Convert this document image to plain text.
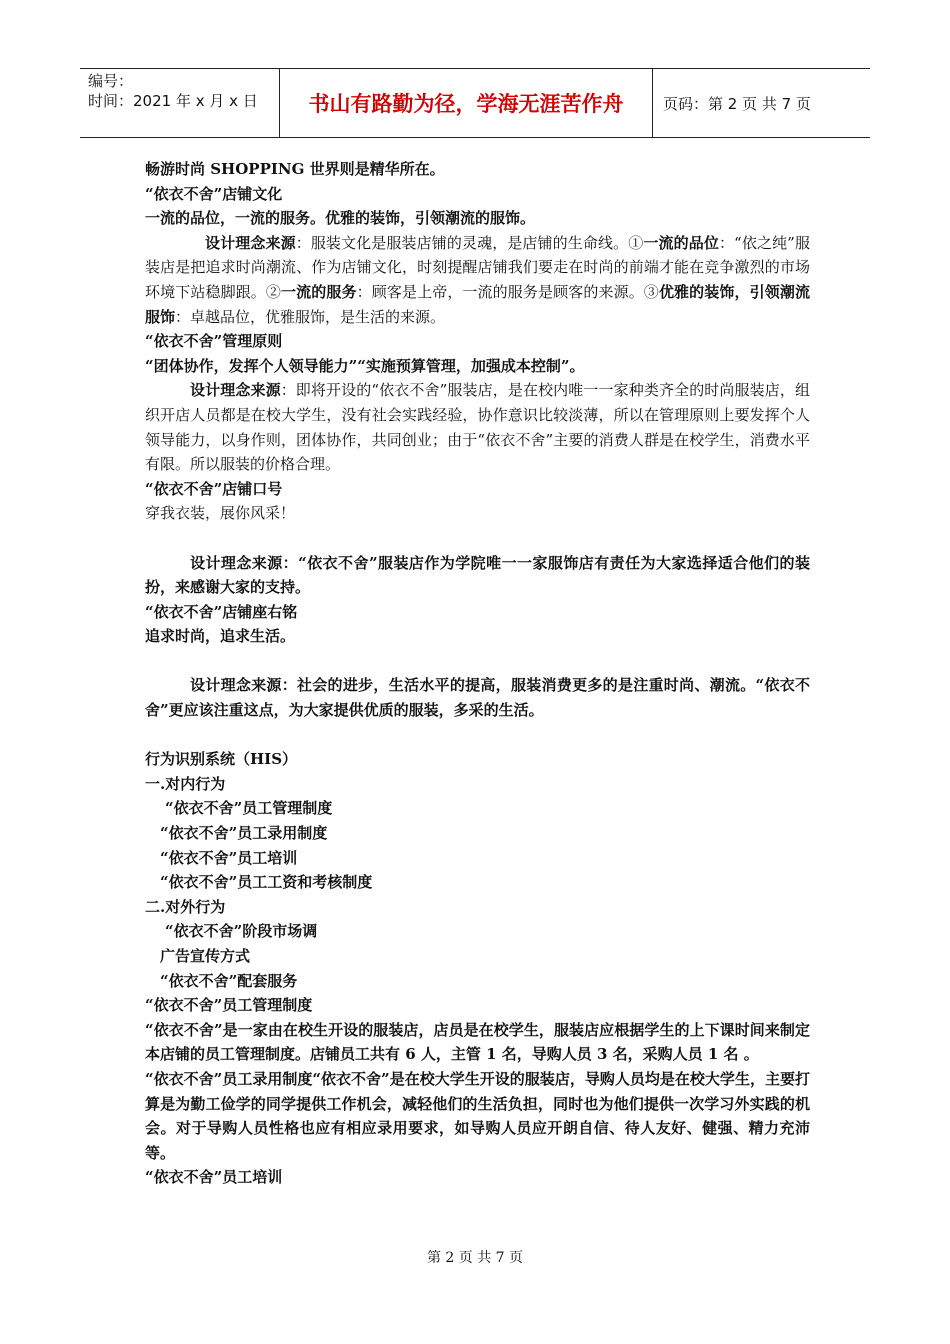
编号：
时间：2021 年 x 月 x 日	书山有路勤为径，学海无涯苦作舟	页码：第 2 页 共 7 页
畅游时尚 SHOPPING 世界则是精华所在。
“依衣不舍”店铺文化
一流的品位，一流的服务。优雅的装饰，引领潮流的服饰。
设计理念来源：服装文化是服装店铺的灵魂，是店铺的生命线。①一流的品位：“依之纯”服装店是把追求时尚潮流、作为店铺文化，时刻提醒店铺我们要走在时尚的前端才能在竞争激烈的市场环境下站稳脚跟。②一流的服务：顾客是上帝，一流的服务是顾客的来源。③优雅的装饰，引领潮流服饰：卓越品位，优雅服饰，是生活的来源。
“依衣不舍”管理原则
“团体协作，发挥个人领导能力”“实施预算管理，加强成本控制”。
设计理念来源：即将开设的“依衣不舍”服装店，是在校内唯一一家种类齐全的时尚服装店，组织开店人员都是在校大学生，没有社会实践经验，协作意识比较淡薄，所以在管理原则上要发挥个人领导能力，以身作则，团体协作，共同创业；由于“依衣不舍”主要的消费人群是在校学生，消费水平有限。所以服装的价格合理。
“依衣不舍”店铺口号
穿我衣装，展你风采！
设计理念来源：“依衣不舍”服装店作为学院唯一一家服饰店有责任为大家选择适合他们的装扮，来感谢大家的支持。
“依衣不舍”店铺座右铭
追求时尚，追求生活。
设计理念来源：社会的进步，生活水平的提高，服装消费更多的是注重时尚、潮流。“依衣不舍”更应该注重这点，为大家提供优质的服装，多采的生活。
行为识别系统（HIS）
一.对内行为
“依衣不舍”员工管理制度
“依衣不舍”员工录用制度
“依衣不舍”员工培训
“依衣不舍”员工工资和考核制度
二.对外行为
“依衣不舍”阶段市场调
广告宣传方式
“依衣不舍”配套服务
“依衣不舍”员工管理制度
“依衣不舍”是一家由在校生开设的服装店，店员是在校学生，服装店应根据学生的上下课时间来制定本店铺的员工管理制度。店铺员工共有 6 人，主管 1 名，导购人员 3 名，采购人员 1 名 。
“依衣不舍”员工录用制度“依衣不舍”是在校大学生开设的服装店，导购人员均是在校大学生，主要打算是为勤工俭学的同学提供工作机会，减轻他们的生活负担，同时也为他们提供一次学习外实践的机会。对于导购人员性格也应有相应录用要求，如导购人员应开朗自信、待人友好、健强、精力充沛等。
“依衣不舍”员工培训
第 2 页 共 7 页
